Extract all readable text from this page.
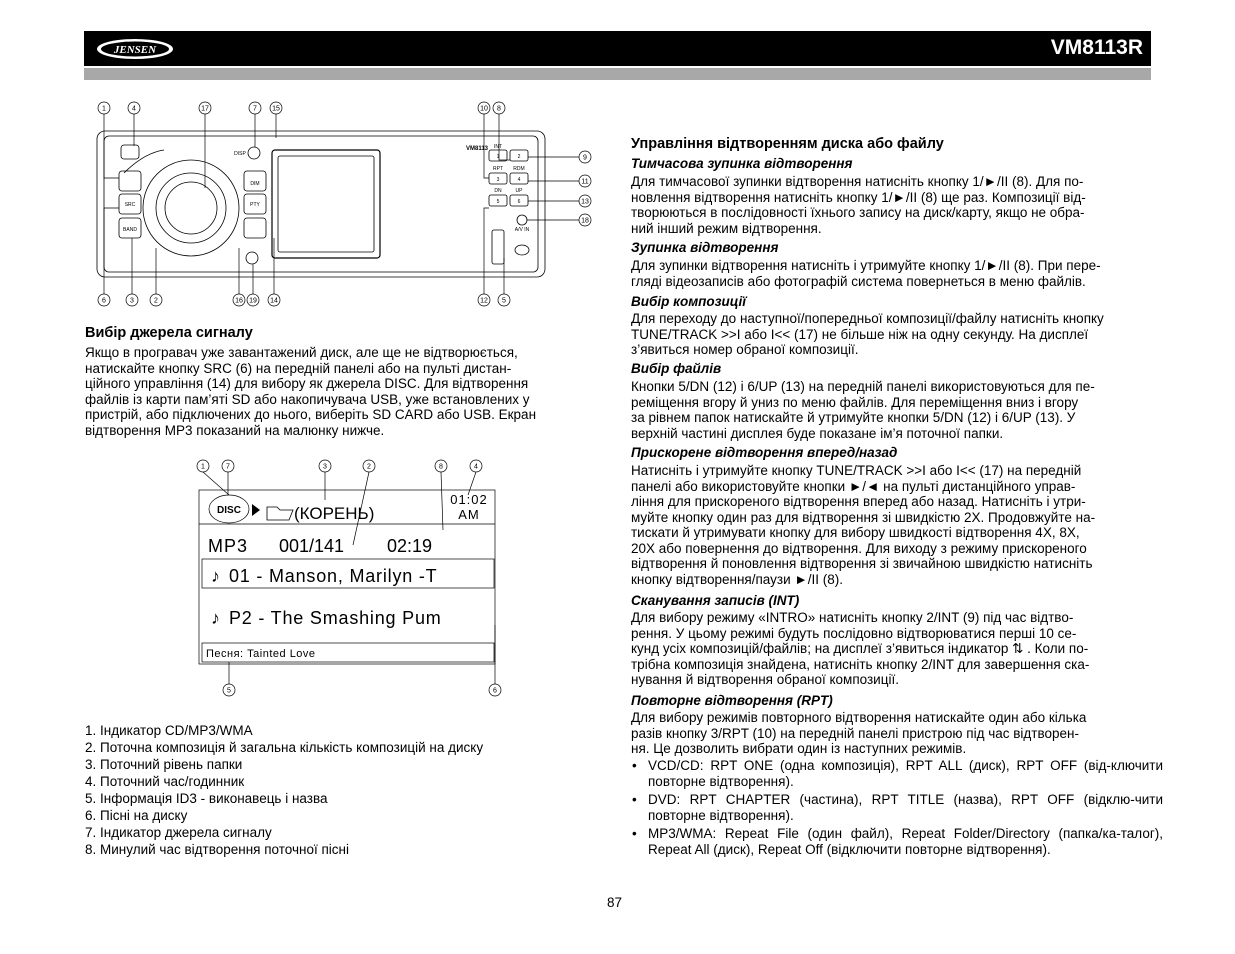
JENSEN	VM8113R
DIM
SRC	PTY
BAND
DISP
INT
RPT RDM
DN	UP
A/V IN
1	2
3	4
5	6
VM8113
1	4	17	7 15	10 8
9
11
13
18
6	3	2	16 19 14	12 5
Вибір джерела сигналу
Якщо в програвач уже завантажений диск, але ще не відтворюється,
натискайте кнопку SRC (6) на передній панелі або на пульті дистан-
ційного управління (14) для вибору як джерела DISC. Для відтворення
файлів із карти пам’яті SD або накопичувача USB, уже встановлених у
пристрій, або підключених до нього, виберіть SD CARD або USB. Екран
відтворення MP3 показаний на малюнку нижче.
1	7	3	2	8	4
5	6
DISC	(КОРЕНЬ)
01:02
AM
MP3 001/141 02:19
♪ 01 - Manson, Marilyn -T
♪ P2 - The Smashing Pum
Песня: Tainted Love
1. Індикатор CD/MP3/WMA
2. Поточна композиція й загальна кількість композицій на диску
3. Поточний рівень папки
4. Поточний час/годинник
5. Інформація ID3 - виконавець і назва
6. Пісні на диску
7. Індикатор джерела сигналу
8. Минулий час відтворення поточної пісні
Управління відтворенням диска або файлу
Тимчасова зупинка відтворення
Для тимчасової зупинки відтворення натисніть кнопку 1/►/II (8). Для по-
новлення відтворення натисніть кнопку 1/►/II (8) ще раз. Композиції від-
творюються в послідовності їхнього запису на диск/карту, якщо не обра-
ний інший режим відтворення.
Зупинка відтворення
Для зупинки відтворення натисніть і утримуйте кнопку 1/►/II (8). При пере-
гляді відеозаписів або фотографій система повернеться в меню файлів.
Вибір композиції
Для переходу до наступної/попередньої композиції/файлу натисніть кнопку
TUNE/TRACK >>I або I<< (17) не більше ніж на одну секунду. На дисплеї
з’явиться номер обраної композиції.
Вибір файлів
Кнопки 5/DN (12) і 6/UP (13) на передній панелі використовуються для пе-
реміщення вгору й униз по меню файлів. Для переміщення вниз і вгору
за рівнем папок натискайте й утримуйте кнопки 5/DN (12) і 6/UP (13). У
верхній частині дисплея буде показане ім’я поточної папки.
Прискорене відтворення вперед/назад
Натисніть і утримуйте кнопку TUNE/TRACK >>I або I<< (17) на передній
панелі або використовуйте кнопки ►/◄ на пульті дистанційного управ-
ління для прискореного відтворення вперед або назад. Натисніть і утри-
муйте кнопку один раз для відтворення зі швидкістю 2X. Продовжуйте на-
тискати й утримувати кнопку для вибору швидкості відтворення 4X, 8X,
20X або повернення до відтворення. Для виходу з режиму прискореного
відтворення й поновлення відтворення зі звичайною швидкістю натисніть
кнопку відтворення/паузи ►/II (8).
Сканування записів (INT)
Для вибору режиму «INTRO» натисніть кнопку 2/INT (9) під час відтво-
рення. У цьому режимі будуть послідовно відтворюватися перші 10 се-
кунд усіх композицій/файлів; на дисплеї з’явиться індикатор ⇅ . Коли по-
трібна композиція знайдена, натисніть кнопку 2/INT для завершення ска-
нування й відтворення обраної композиції.
Повторне відтворення (RPT)
Для вибору режимів повторного відтворення натискайте один або кілька
разів кнопку 3/RPT (10) на передній панелі пристрою під час відтворен-
ня. Це дозволить вибрати один із наступних режимів.
• VCD/CD: RPT ONE (одна композиція), RPT ALL (диск), RPT OFF (від-ключити повторне відтворення).
• DVD: RPT CHAPTER (частина), RPT TITLE (назва), RPT OFF (відклю-чити повторне відтворення).
• MP3/WMA: Repeat File (один файл), Repeat Folder/Directory (папка/ка-талог), Repeat All (диск), Repeat Off (відключити повторне відтворення).
87
